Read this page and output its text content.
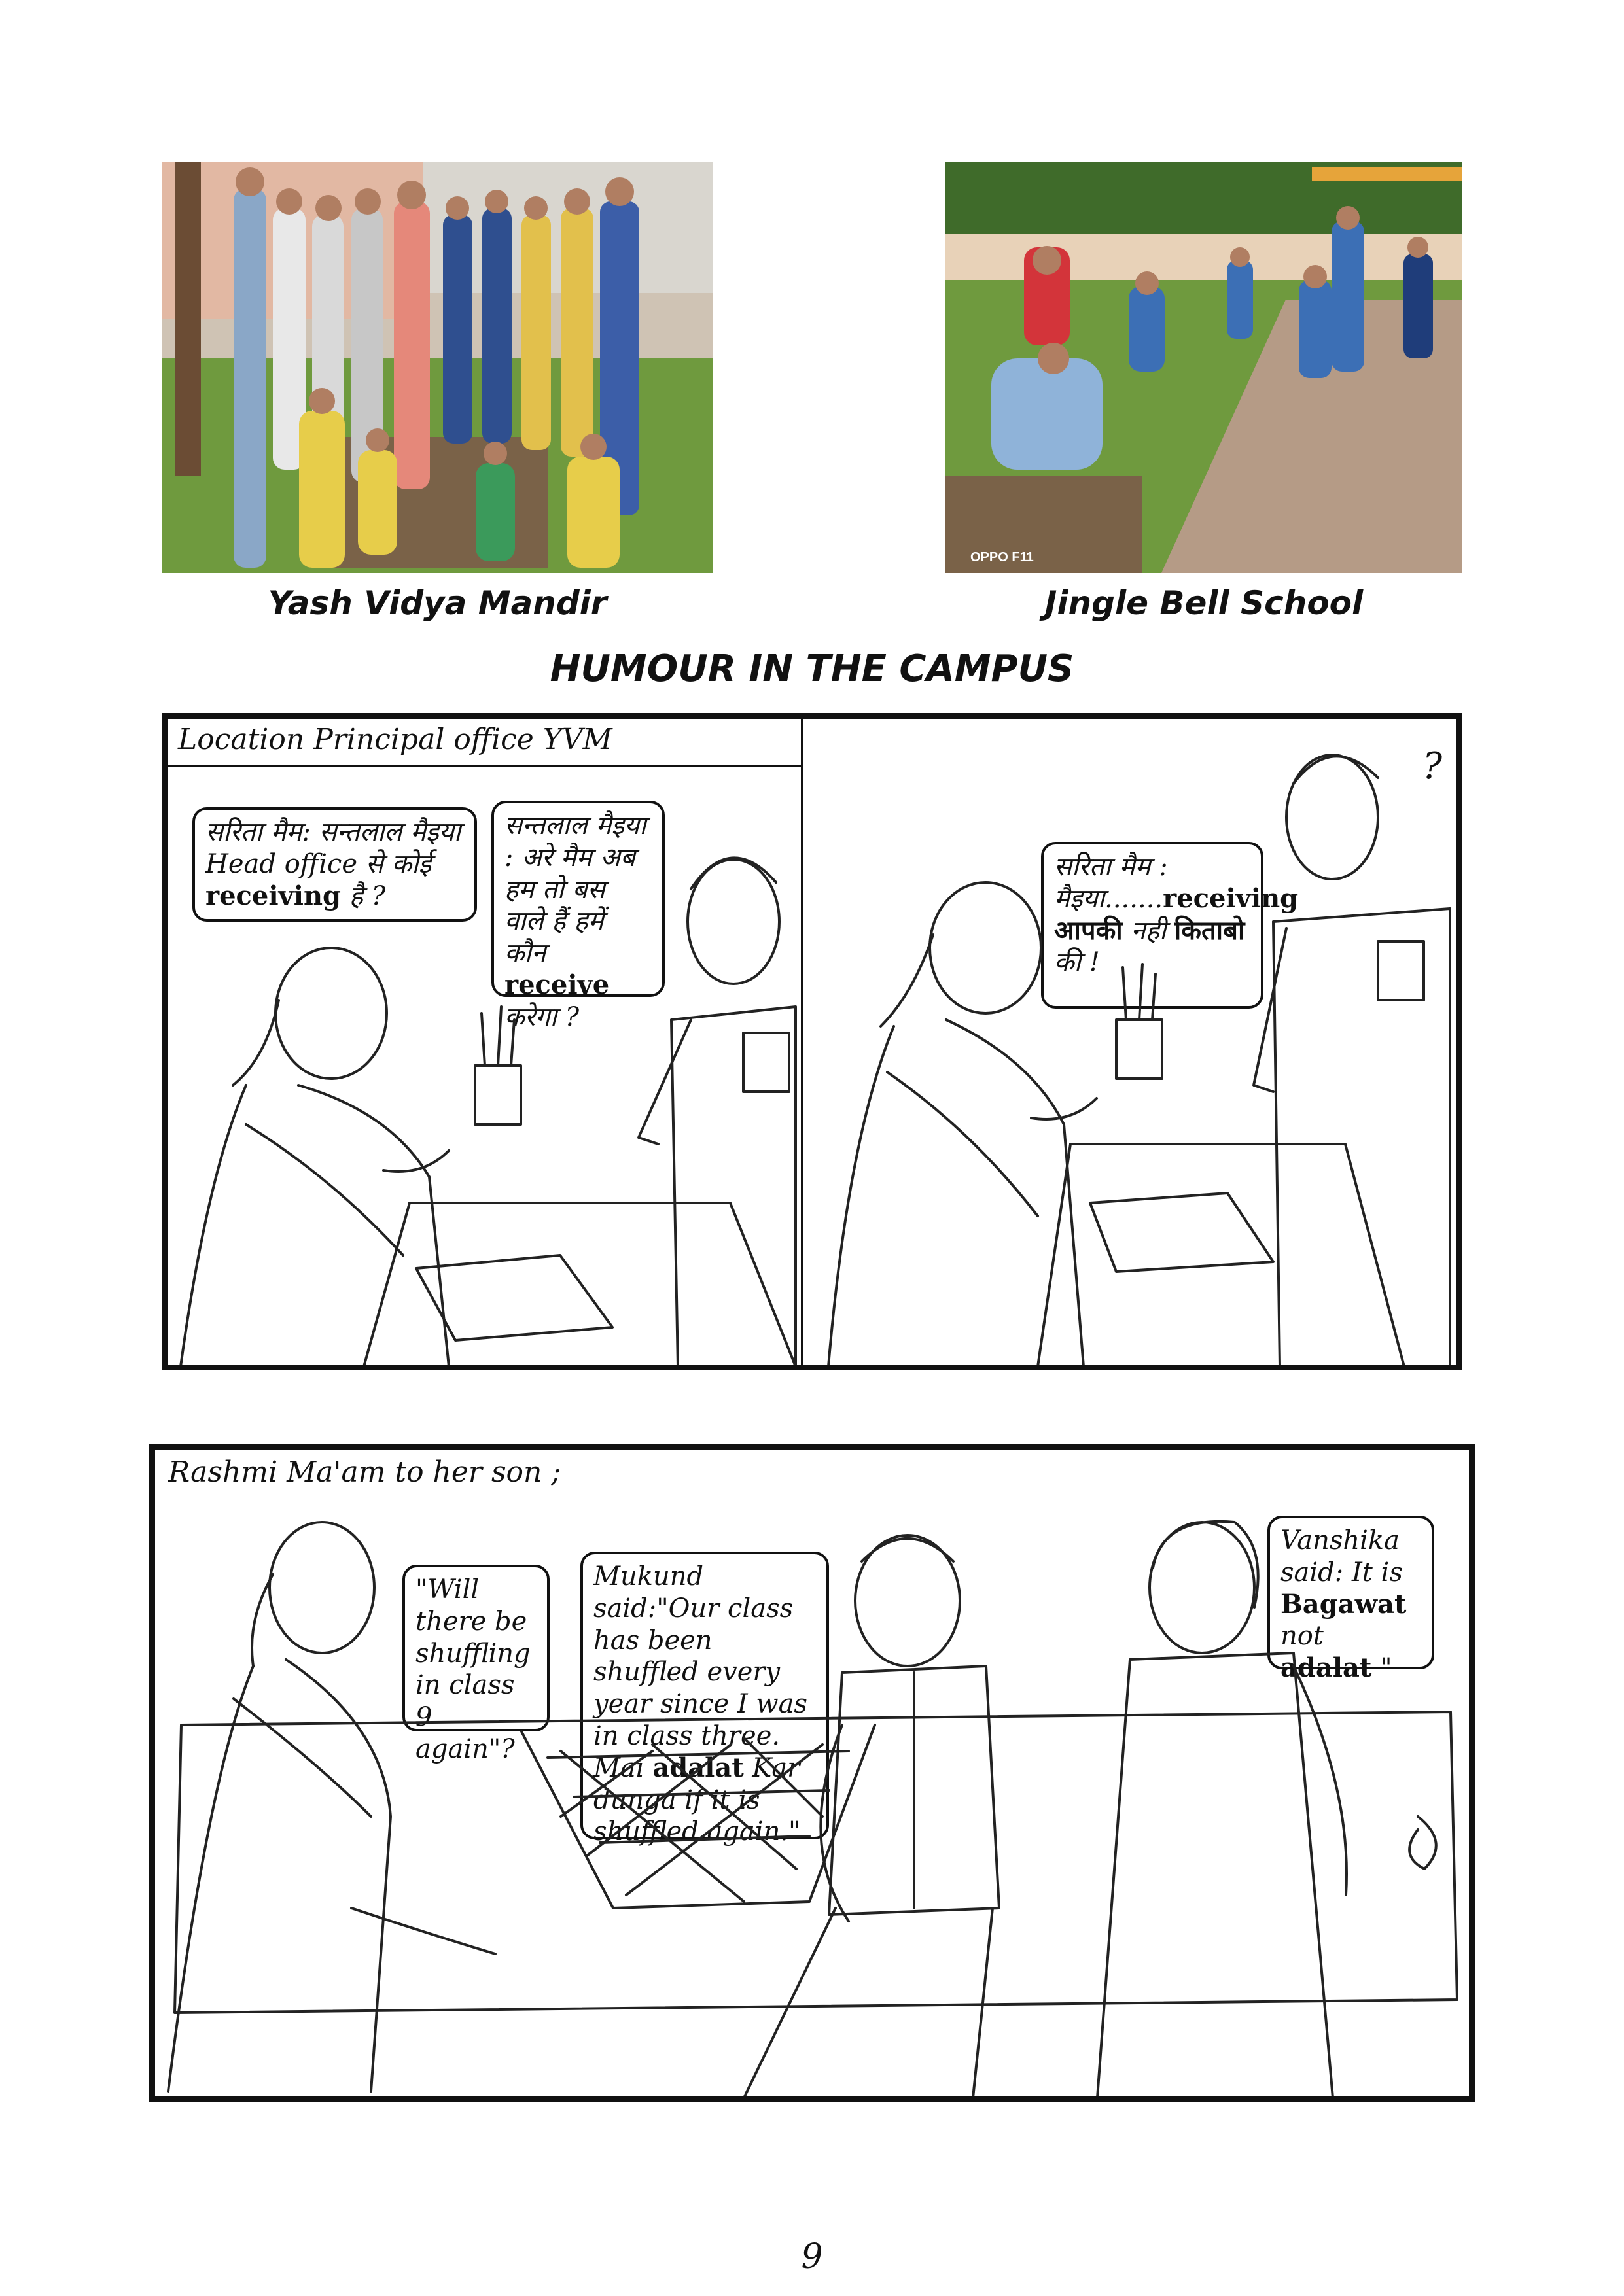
Yash Vidya Mandir
OPPO F11
Jingle Bell School
HUMOUR IN THE CAMPUS
Location Principal office YVM
सरिता मैम: सन्तलाल मैइया Head office से कोई receiving है ?
सन्तलाल मैइया : अरे मैम अब हम तो बस वाले हैं हमें कौन receive करेगा ?
सरिता मैम : मैइया.......receiving आपकी नही किताबो की !
?
Rashmi Ma'am to her son ;
"Will there be shuffling in class 9 again"?
Mukund said:"Our class has been shuffled every year since I was in class three. Mai adalat Kar dunga if it is shuffled again."
Vanshika said: It is Bagawat not adalat "
9
